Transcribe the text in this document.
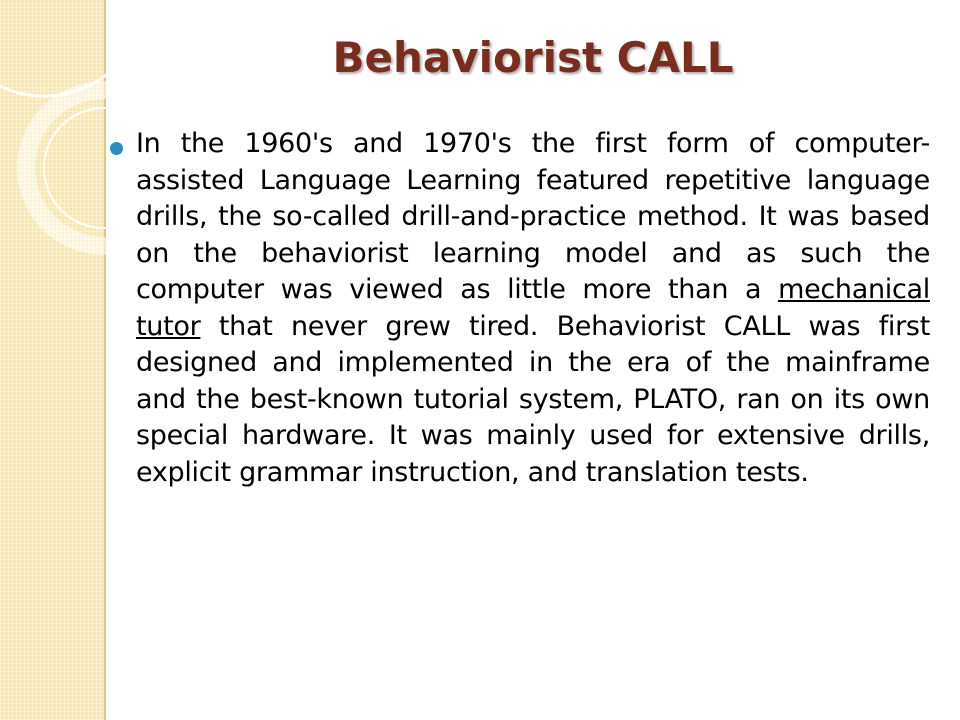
Behaviorist CALL

In the 1960's and 1970's the first form of computer-assisted Language Learning featured repetitive language drills, the so-called drill-and-practice method. It was based on the behaviorist learning model and as such the computer was viewed as little more than a mechanical tutor that never grew tired. Behaviorist CALL was first designed and implemented in the era of the mainframe and the best-known tutorial system, PLATO, ran on its own special hardware. It was mainly used for extensive drills, explicit grammar instruction, and translation tests.
